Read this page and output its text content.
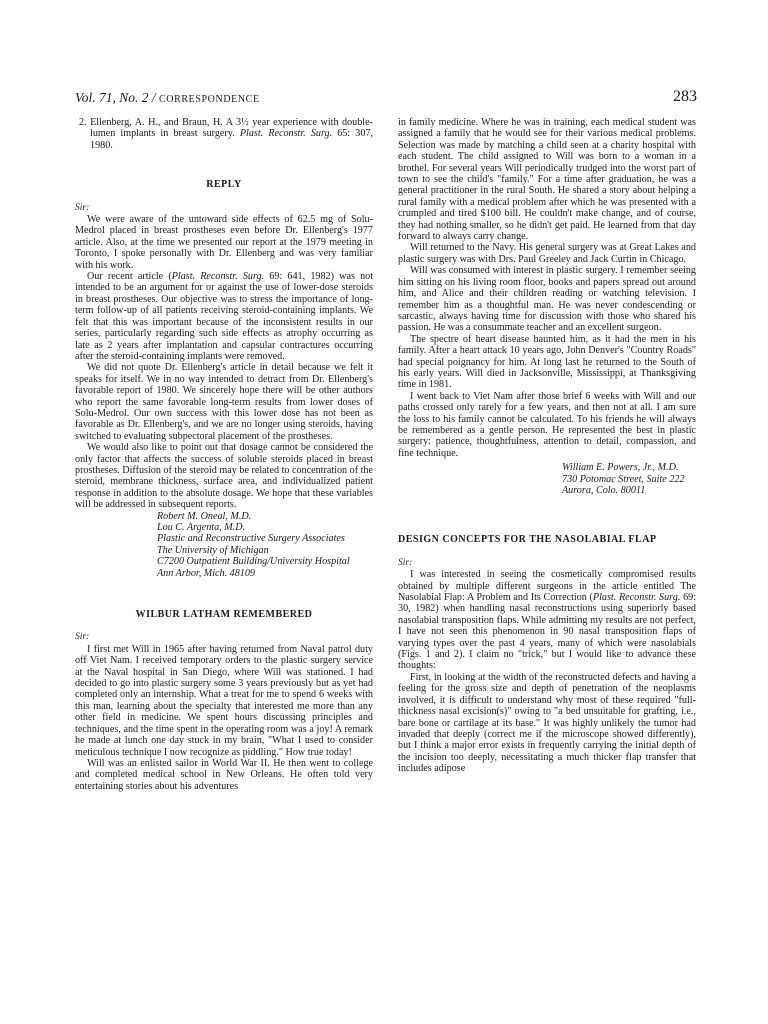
Vol. 71, No. 2 / CORRESPONDENCE	283

2. Ellenberg, A. H., and Braun, H. A 3½ year experience with double-lumen implants in breast surgery. Plast. Reconstr. Surg. 65: 307, 1980.

REPLY

Sir:

We were aware of the untoward side effects of 62.5 mg of Solu-Medrol placed in breast prostheses even before Dr. Ellenberg's 1977 article. Also, at the time we presented our report at the 1979 meeting in Toronto, I spoke personally with Dr. Ellenberg and was very familiar with his work.

Our recent article (Plast. Reconstr. Surg. 69: 641, 1982) was not intended to be an argument for or against the use of lower-dose steroids in breast prostheses. Our objective was to stress the importance of long-term follow-up of all patients receiving steroid-containing implants. We felt that this was important because of the inconsistent results in our series, particularly regarding such side effects as atrophy occurring as late as 2 years after implantation and capsular contractures occurring after the steroid-containing implants were removed.

We did not quote Dr. Ellenberg's article in detail because we felt it speaks for itself. We in no way intended to detract from Dr. Ellenberg's favorable report of 1980. We sincerely hope there will be other authors who report the same favorable long-term results from lower doses of Solu-Medrol. Our own success with this lower dose has not been as favorable as Dr. Ellenberg's, and we are no longer using steroids, having switched to evaluating subpectoral placement of the prostheses.

We would also like to point out that dosage cannot be considered the only factor that affects the success of soluble steroids placed in breast prostheses. Diffusion of the steroid may be related to concentration of the steroid, membrane thickness, surface area, and individualized patient response in addition to the absolute dosage. We hope that these variables will be addressed in subsequent reports.

Robert M. Oneal, M.D.

Lou C. Argenta, M.D.

Plastic and Reconstructive Surgery Associates

The University of Michigan

C7200 Outpatient Building/University Hospital

Ann Arbor, Mich. 48109

WILBUR LATHAM REMEMBERED

Sir:

I first met Will in 1965 after having returned from Naval patrol duty off Viet Nam. I received temporary orders to the plastic surgery service at the Naval hospital in San Diego, where Will was stationed. I had decided to go into plastic surgery some 3 years previously but as yet had completed only an internship. What a treat for me to spend 6 weeks with this man, learning about the specialty that interested me more than any other field in medicine. We spent hours discussing principles and techniques, and the time spent in the operating room was a joy! A remark he made at lunch one day stuck in my brain, "What I used to consider meticulous technique I now recognize as piddling." How true today!

Will was an enlisted sailor in World War II. He then went to college and completed medical school in New Orleans. He often told very entertaining stories about his adventures

in family medicine. Where he was in training, each medical student was assigned a family that he would see for their various medical problems. Selection was made by matching a child seen at a charity hospital with each student. The child assigned to Will was born to a woman in a brothel. For several years Will periodically trudged into the worst part of town to see the child's "family." For a time after graduation, he was a general practitioner in the rural South. He shared a story about helping a rural family with a medical problem after which he was presented with a crumpled and tired $100 bill. He couldn't make change, and of course, they had nothing smaller, so he didn't get paid. He learned from that day forward to always carry change.

Will returned to the Navy. His general surgery was at Great Lakes and plastic surgery was with Drs. Paul Greeley and Jack Curtin in Chicago.

Will was consumed with interest in plastic surgery. I remember seeing him sitting on his living room floor, books and papers spread out around him, and Alice and their children reading or watching television. I remember him as a thoughtful man. He was never condescending or sarcastic, always having time for discussion with those who shared his passion. He was a consummate teacher and an excellent surgeon.

The spectre of heart disease haunted him, as it had the men in his family. After a heart attack 10 years ago, John Denver's "Country Roads" had special poignancy for him. At long last he returned to the South of his early years. Will died in Jacksonville, Mississippi, at Thanksgiving time in 1981.

I went back to Viet Nam after those brief 6 weeks with Will and our paths crossed only rarely for a few years, and then not at all. I am sure the loss to his family cannot be calculated. To his friends he will always be remembered as a gentle person. He represented the best in plastic surgery: patience, thoughtfulness, attention to detail, compassion, and fine technique.

William E. Powers, Jr., M.D.

730 Potomac Street, Suite 222

Aurora, Colo. 80011

DESIGN CONCEPTS FOR THE NASOLABIAL FLAP

Sir:

I was interested in seeing the cosmetically compromised results obtained by multiple different surgeons in the article entitled The Nasolabial Flap: A Problem and Its Correction (Plast. Reconstr. Surg. 69: 30, 1982) when handling nasal reconstructions using superiorly based nasolabial transposition flaps. While admitting my results are not perfect, I have not seen this phenomenon in 90 nasal transposition flaps of varying types over the past 4 years, many of which were nasolabials (Figs. 1 and 2). I claim no "trick," but I would like to advance these thoughts:

First, in looking at the width of the reconstructed defects and having a feeling for the gross size and depth of penetration of the neoplasms involved, it is difficult to understand why most of these required "full-thickness nasal excision(s)" owing to "a bed unsuitable for grafting, i.e., bare bone or cartilage at its base." It was highly unlikely the tumor had invaded that deeply (correct me if the microscope showed differently), but I think a major error exists in frequently carrying the initial depth of the incision too deeply, necessitating a much thicker flap transfer that includes adipose
